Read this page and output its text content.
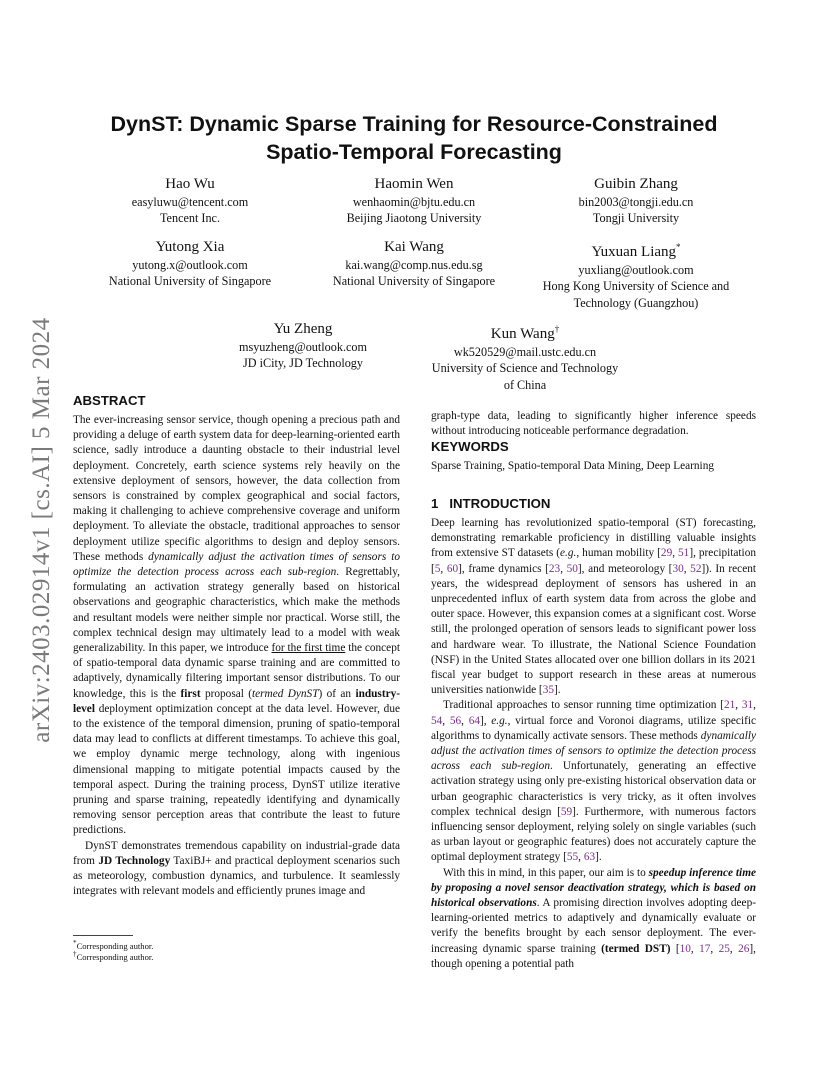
arXiv:2403.02914v1 [cs.AI] 5 Mar 2024
DynST: Dynamic Sparse Training for Resource-Constrained
Spatio-Temporal Forecasting
Hao Wu
easyluwu@tencent.com
Tencent Inc.
Haomin Wen
wenhaomin@bjtu.edu.cn
Beijing Jiaotong University
Guibin Zhang
bin2003@tongji.edu.cn
Tongji University
Yutong Xia
yutong.x@outlook.com
National University of Singapore
Kai Wang
kai.wang@comp.nus.edu.sg
National University of Singapore
Yuxuan Liang*
yuxliang@outlook.com
Hong Kong University of Science and
Technology (Guangzhou)
Yu Zheng
msyuzheng@outlook.com
JD iCity, JD Technology
Kun Wang†
wk520529@mail.ustc.edu.cn
University of Science and Technology
of China
ABSTRACT

The ever-increasing sensor service, though opening a precious path and providing a deluge of earth system data for deep-learning-oriented earth science, sadly introduce a daunting obstacle to their industrial level deployment. Concretely, earth science systems rely heavily on the extensive deployment of sensors, however, the data collection from sensors is constrained by complex geographical and social factors, making it challenging to achieve comprehensive coverage and uniform deployment. To alleviate the obstacle, traditional approaches to sensor deployment utilize specific algorithms to design and deploy sensors. These methods dynamically adjust the activation times of sensors to optimize the detection process across each sub-region. Regrettably, formulating an activation strategy generally based on historical observations and geographic characteristics, which make the methods and resultant models were neither simple nor practical. Worse still, the complex technical design may ultimately lead to a model with weak generalizability. In this paper, we introduce for the first time the concept of spatio-temporal data dynamic sparse training and are committed to adaptively, dynamically filtering important sensor distributions. To our knowledge, this is the first proposal (termed DynST) of an industry-level deployment optimization concept at the data level. However, due to the existence of the temporal dimension, pruning of spatio-temporal data may lead to conflicts at different timestamps. To achieve this goal, we employ dynamic merge technology, along with ingenious dimensional mapping to mitigate potential impacts caused by the temporal aspect. During the training process, DynST utilize iterative pruning and sparse training, repeatedly identifying and dynamically removing sensor perception areas that contribute the least to future predictions.

DynST demonstrates tremendous capability on industrial-grade data from JD Technology TaxiBJ+ and practical deployment scenarios such as meteorology, combustion dynamics, and turbulence. It seamlessly integrates with relevant models and efficiently prunes image and

*Corresponding author.
†Corresponding author.

graph-type data, leading to significantly higher inference speeds without introducing noticeable performance degradation.

KEYWORDS
Sparse Training, Spatio-temporal Data Mining, Deep Learning
1   INTRODUCTION

Deep learning has revolutionized spatio-temporal (ST) forecasting, demonstrating remarkable proficiency in distilling valuable insights from extensive ST datasets (e.g., human mobility [29, 51], precipitation [5, 60], frame dynamics [23, 50], and meteorology [30, 52]). In recent years, the widespread deployment of sensors has ushered in an unprecedented influx of earth system data from across the globe and outer space. However, this expansion comes at a significant cost. Worse still, the prolonged operation of sensors leads to significant power loss and hardware wear. To illustrate, the National Science Foundation (NSF) in the United States allocated over one billion dollars in its 2021 fiscal year budget to support research in these areas at numerous universities nationwide [35].

Traditional approaches to sensor running time optimization [21, 31, 54, 56, 64], e.g., virtual force and Voronoi diagrams, utilize specific algorithms to dynamically activate sensors. These methods dynamically adjust the activation times of sensors to optimize the detection process across each sub-region. Unfortunately, generating an effective activation strategy using only pre-existing historical observation data or urban geographic characteristics is very tricky, as it often involves complex technical design [59]. Furthermore, with numerous factors influencing sensor deployment, relying solely on single variables (such as urban layout or geographic features) does not accurately capture the optimal deployment strategy [55, 63].

With this in mind, in this paper, our aim is to speedup inference time by proposing a novel sensor deactivation strategy, which is based on historical observations. A promising direction involves adopting deep-learning-oriented metrics to adaptively and dynamically evaluate or verify the benefits brought by each sensor deployment. The ever-increasing dynamic sparse training (termed DST) [10, 17, 25, 26], though opening a potential path
